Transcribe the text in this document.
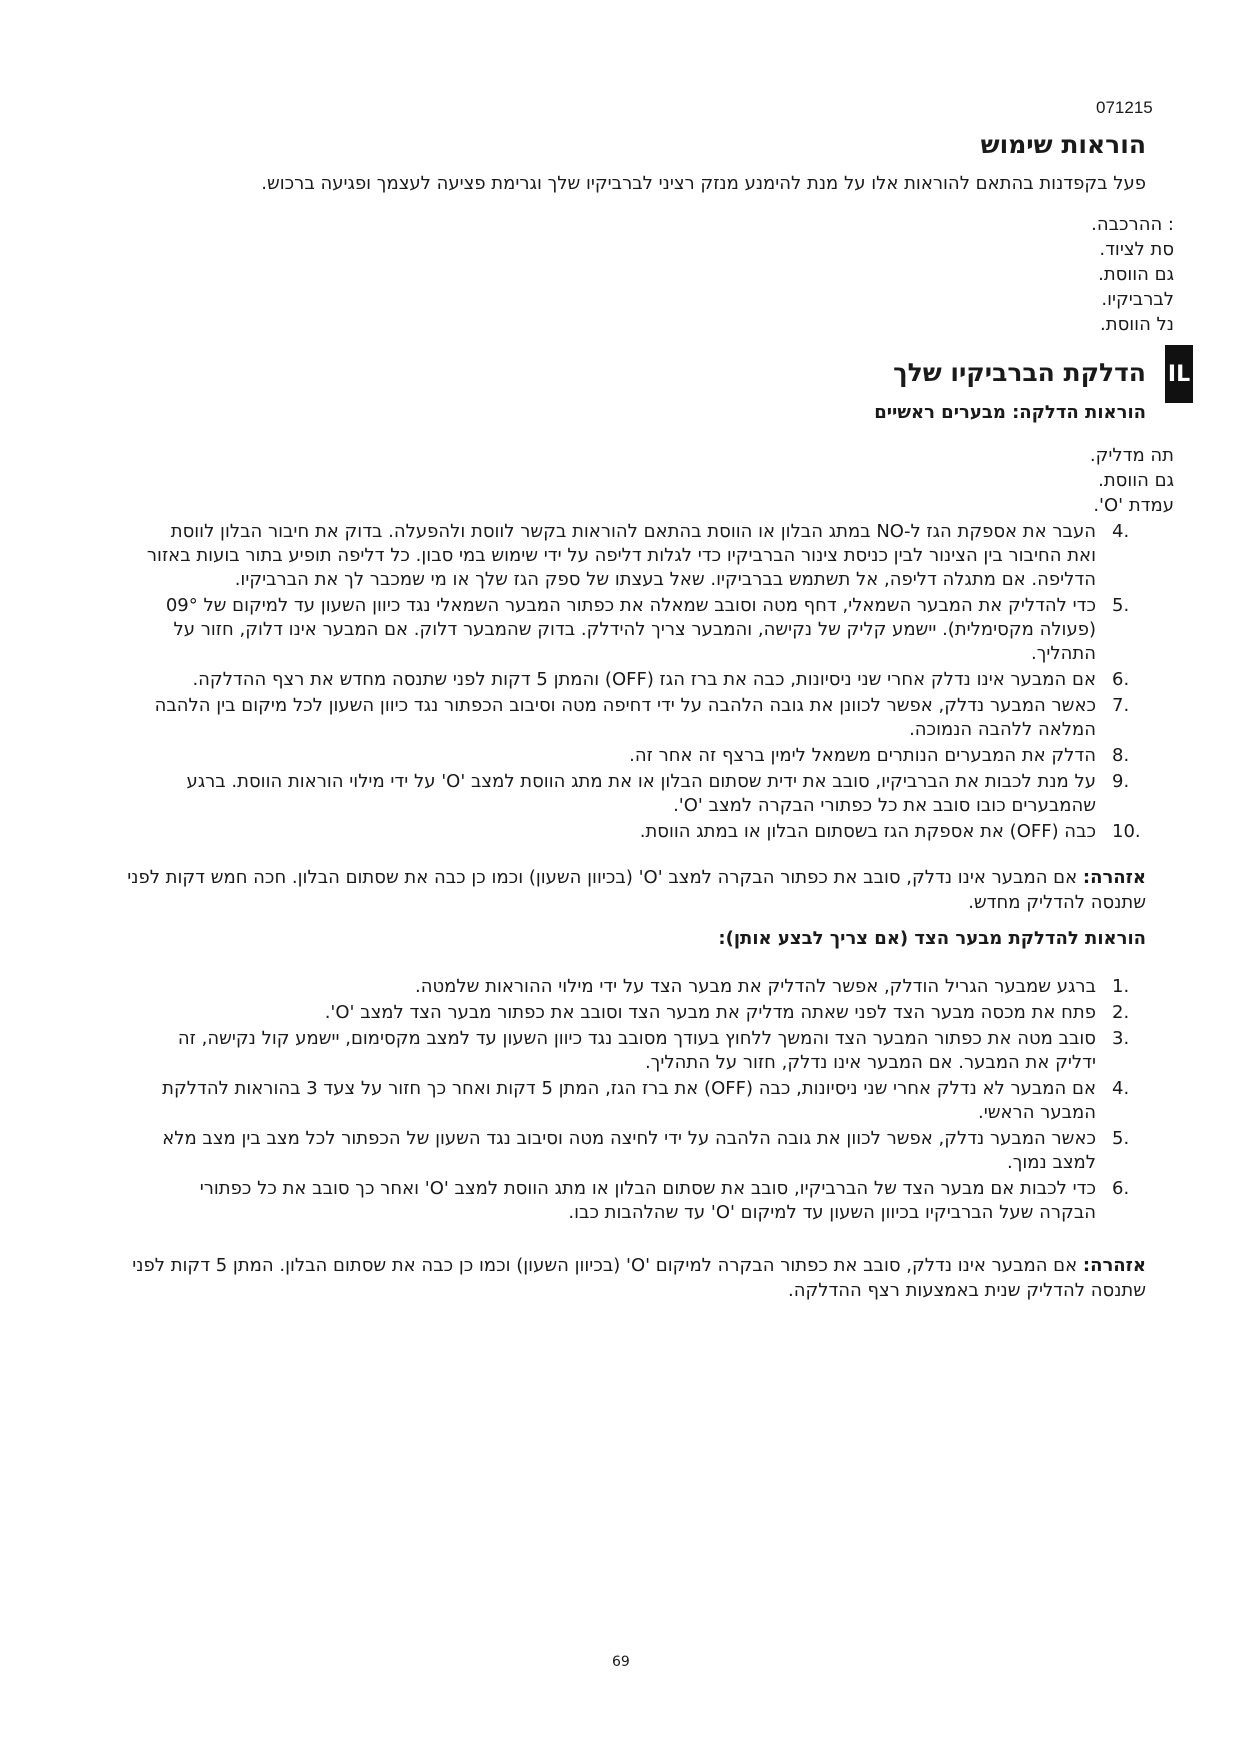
071215
הוראות שימוש

פעל בקפדנות בהתאם להוראות אלו על מנת להימנע מנזק רציני לברביקיו שלך וגרימת פציעה לעצמך ופגיעה ברכוש.

: ההרכבה.
סת לציוד.
גם הווסת.
לברביקיו.
נל הווסת.
IL
הדלקת הברביקיו שלך
הוראות הדלקה: מבערים ראשיים
תה מדליק.
גם הווסת.
עמדת 'O'.
4.
העבר את אספקת הגז ל-NO במתג הבלון או הווסת בהתאם להוראות בקשר לווסת ולהפעלה. בדוק את חיבור הבלון לווסת ואת החיבור בין הצינור לבין כניסת צינור הברביקיו כדי לגלות דליפה על ידי שימוש במי סבון. כל דליפה תופיע בתור בועות באזור הדליפה. אם מתגלה דליפה, אל תשתמש בברביקיו. שאל בעצתו של ספק הגז שלך או מי שמכבר לך את הברביקיו.
5.
כדי להדליק את המבער השמאלי, דחף מטה וסובב שמאלה את כפתור המבער השמאלי נגד כיוון השעון עד למיקום של 09° (פעולה מקסימלית). יישמע קליק של נקישה, והמבער צריך להידלק. בדוק שהמבער דלוק. אם המבער אינו דלוק, חזור על התהליך.
6.
אם המבער אינו נדלק אחרי שני ניסיונות, כבה את ברז הגז (OFF) והמתן 5 דקות לפני שתנסה מחדש את רצף ההדלקה.
7.
כאשר המבער נדלק, אפשר לכוונן את גובה הלהבה על ידי דחיפה מטה וסיבוב הכפתור נגד כיוון השעון לכל מיקום בין הלהבה המלאה ללהבה הנמוכה.
8.
הדלק את המבערים הנותרים משמאל לימין ברצף זה אחר זה.
9.
על מנת לכבות את הברביקיו, סובב את ידית שסתום הבלון או את מתג הווסת למצב 'O' על ידי מילוי הוראות הווסת. ברגע שהמבערים כובו סובב את כל כפתורי הבקרה למצב 'O'.
10.
כבה (OFF) את אספקת הגז בשסתום הבלון או במתג הווסת.

אזהרה: אם המבער אינו נדלק, סובב את כפתור הבקרה למצב 'O' (בכיוון השעון) וכמו כן כבה את שסתום הבלון. חכה חמש דקות לפני שתנסה להדליק מחדש.

הוראות להדלקת מבער הצד (אם צריך לבצע אותן):
1.
ברגע שמבער הגריל הודלק, אפשר להדליק את מבער הצד על ידי מילוי ההוראות שלמטה.
2.
פתח את מכסה מבער הצד לפני שאתה מדליק את מבער הצד וסובב את כפתור מבער הצד למצב 'O'.
3.
סובב מטה את כפתור המבער הצד והמשך ללחוץ בעודך מסובב נגד כיוון השעון עד למצב מקסימום, יישמע קול נקישה, זה ידליק את המבער. אם המבער אינו נדלק, חזור על התהליך.
4.
אם המבער לא נדלק אחרי שני ניסיונות, כבה (OFF) את ברז הגז, המתן 5 דקות ואחר כך חזור על צעד 3 בהוראות להדלקת המבער הראשי.
5.
כאשר המבער נדלק, אפשר לכוון את גובה הלהבה על ידי לחיצה מטה וסיבוב נגד השעון של הכפתור לכל מצב בין מצב מלא למצב נמוך.
6.
כדי לכבות אם מבער הצד של הברביקיו, סובב את שסתום הבלון או מתג הווסת למצב 'O' ואחר כך סובב את כל כפתורי הבקרה שעל הברביקיו בכיוון השעון עד למיקום 'O' עד שהלהבות כבו.

אזהרה: אם המבער אינו נדלק, סובב את כפתור הבקרה למיקום 'O' (בכיוון השעון) וכמו כן כבה את שסתום הבלון. המתן 5 דקות לפני שתנסה להדליק שנית באמצעות רצף ההדלקה.

69
